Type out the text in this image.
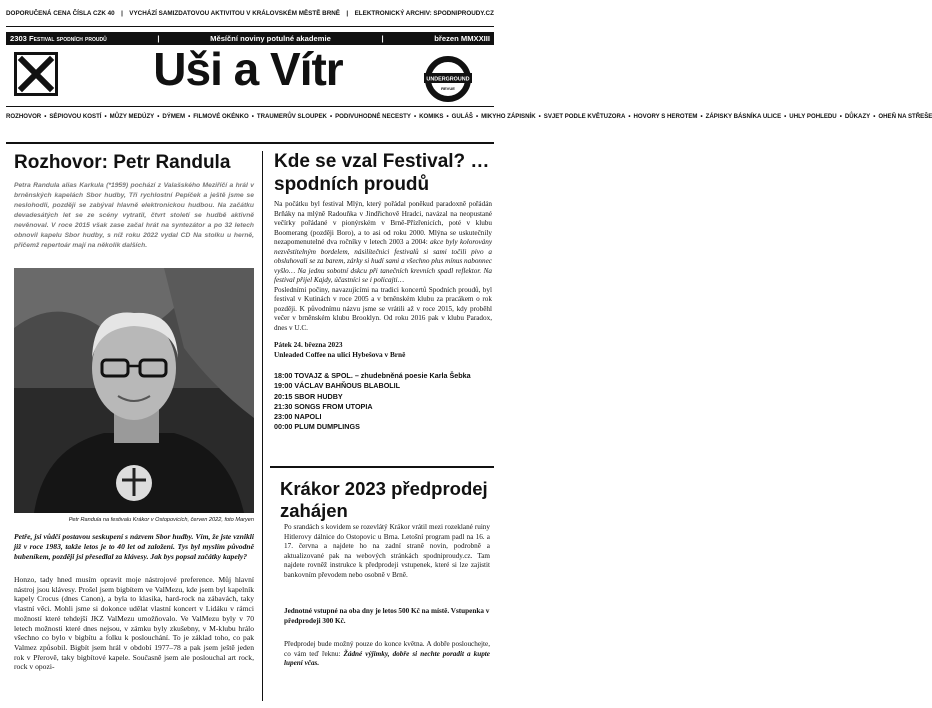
DOPORUČENÁ CENA ČÍSLA CZK 40 | VYCHÁZÍ SAMIZDATOVOU AKTIVITOU V KRÁLOVSKÉM MĚSTĚ BRNĚ | ELEKTRONICKÝ ARCHIV: SPODNIPROUDY.CZ
2303 Festival spodních proudů	|	Měsíční noviny potulné akademie	|	březen MMXXIII
Uši a Vítr	UNDERGROUND
REVUE
ROZHOVOR • SÉPIOVOU KOSTÍ • MŮZY MEDÚZY • DÝMEM • FILMOVÉ OKÉNKO • TRAUMERŮV SLOUPEK • PODIVUHODNÉ NECESTY • KOMIKS • GULÁŠ • MIKYHO ZÁPISNÍK • SVJET PODLE KVĚTUZORA • HOVORY S HEROTEM • ZÁPISKY BÁSNÍKA ULICE • UHLY POHLEDU • DŮKAZY • OHEŇ NA STŘEŠE
Rozhovor: Petr Randula
Petra Randula alias Karkula (*1959) pochází z Valašského Meziříčí a hrál v brněnských kapelách Sbor hudby, Tři rychlostní Pepíček a ještě jsme se neslohodli, později se zabýval hlavně elektronickou hudbou. Na začátku devadesátých let se ze scény vytratil, čtvrt století se hudbě aktivně nevěnoval. V roce 2015 však zase začal hrát na syntezátor a po 32 letech obnovil kapelu Sbor hudby, s níž roku 2022 vydal CD Na stolku u herně, přičemž repertoár mají na několik dalších.
Petr Randula na festivalu Krákor v Ostopovicích, červen 2022, foto Maryen
Petře, jsi vůdčí postavou seskupení s názvem Sbor hudby. Vím, že jste vznikli již v roce 1983, takže letos je to 40 let od založení. Tys byl myslím původně bubeníkem, později jsi přesedlal za klávesy. Jak bys popsal začátky kapely?
Honzo, tady hned musím opravit moje nástrojové preference. Můj hlavní nástroj jsou klávesy. Prošel jsem bigbítem ve ValMezu, kde jsem byl kapelník kapely Crocus (dnes Canon), a byla to klasika, hard-rock na zábavách, taky vlastní věci. Mohli jsme si dokonce udělat vlastní koncert v Lidáku v rámci možností které tehdejší JKZ ValMezu umožňovalo. Ve ValMezu byly v 70 letech možnosti které dnes nejsou, v zámku byly zkušebny, v M-klubu hrálo všechno co bylo v bigbítu a folku k poslouchání. To je základ toho, co pak Valmez způsobil. Bigbít jsem hrál v období 1977–78 a pak jsem ještě jeden rok v Přerově, taky bigbítové kapele. Současně jsem ale poslouchal art rock, rock v opozi-
Kde se vzal Festival? …spodních proudů
Na počátku byl festival Mlýn, který pořádal poněkud paradoxně pořádán Brňáky na mlýně Radouňka v Jindřichově Hradci, navázal na neopustané večírky pořádané v pionýrském v Brně-Přízřenicích, poté v klubu Boomerang (později Boro), a to asi od roku 2000. Mlýna se uskutečnily nezapomenutelné dva ročníky v letech 2003 a 2004: akce byly kolorovány nezvěstitelným bordelem, násilítečnici festivalů si sami točili pivo a obsluhovali se za barem, zárky si hudí sami a všechno plus mínus nabonnec vyšlo… Na jednu sobotní dskcu při tanečních krevních spadl reflektor. Na festival přijel Kajdy, účastníci se i policajti…
Posledními počiny, navazujícími na tradici koncertů Spodních proudů, byl festival v Kutinách v roce 2005 a v brněnském klubu za pracákem o rok později. K původnímu názvu jsme se vrátili až v roce 2015, kdy proběhl večer v brněnském klubu Brooklyn. Od roku 2016 pak v klubu Paradox, dnes v U.C.
Pátek 24. března 2023
Unleaded Coffee na ulici Hybešova v Brně
18:00 TOVAJZ & SPOL. – zhudebněná poesie Karla Šebka
19:00 VÁCLAV BAHŇOUS BLABOLIL
20:15 SBOR HUDBY
21:30 SONGS FROM UTOPIA
23:00 NAPOLI
00:00 PLUM DUMPLINGS
Krákor 2023 předprodej zahájen
Po srandách s kovidem se rozevlátý Krákor vrátil mezi rozeklané ruiny Hitlerovy dálnice do Ostopovic u Brna. Letošní program padl na 16. a 17. června a najdete ho na zadní straně novin, podrobně a aktualizované pak na webových stránkách spodniproudy.cz. Tam najdete rovněž instrukce k předprodeji vstupenek, které si lze zajistit bankovním převodem nebo osobně v Brně.
Jednotné vstupné na oba dny je letos 500 Kč na místě. Vstupenka v předprodeji 300 Kč.
Předprodej bude možný pouze do konce května. A dobře poslouchejte, co vám teď řeknu: Žádné výjimky, dobře si nechte poradit a kupte lupení včas.
